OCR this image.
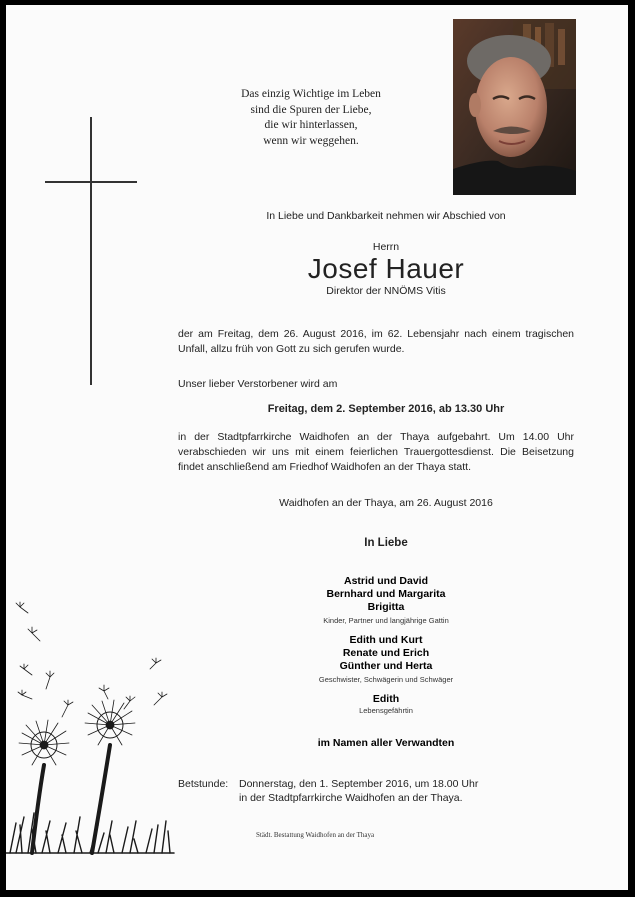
Das einzig Wichtige im Leben
sind die Spuren der Liebe,
die wir hinterlassen,
wenn wir weggehen.
In Liebe und Dankbarkeit nehmen wir Abschied von
Herrn
Josef Hauer
Direktor der NNÖMS Vitis
der am Freitag, dem 26. August 2016, im 62. Lebensjahr nach einem tragischen Unfall, allzu früh von Gott zu sich gerufen wurde.
Unser lieber Verstorbener wird am
Freitag, dem 2. September 2016, ab 13.30 Uhr
in der Stadtpfarrkirche Waidhofen an der Thaya aufgebahrt. Um 14.00 Uhr verabschieden wir uns mit einem feierlichen Trauergottesdienst. Die Beisetzung findet anschließend am Friedhof Waidhofen an der Thaya statt.
Waidhofen an der Thaya, am 26. August 2016
In Liebe
Astrid und David
Bernhard und Margarita
Brigitta
Kinder, Partner und langjährige Gattin
Edith und Kurt
Renate und Erich
Günther und Herta
Geschwister, Schwägerin und Schwäger
Edith
Lebensgefährtin
im Namen aller Verwandten
Betstunde: Donnerstag, den 1. September 2016, um 18.00 Uhr
in der Stadtpfarrkirche Waidhofen an der Thaya.
Städt. Bestattung Waidhofen an der Thaya
